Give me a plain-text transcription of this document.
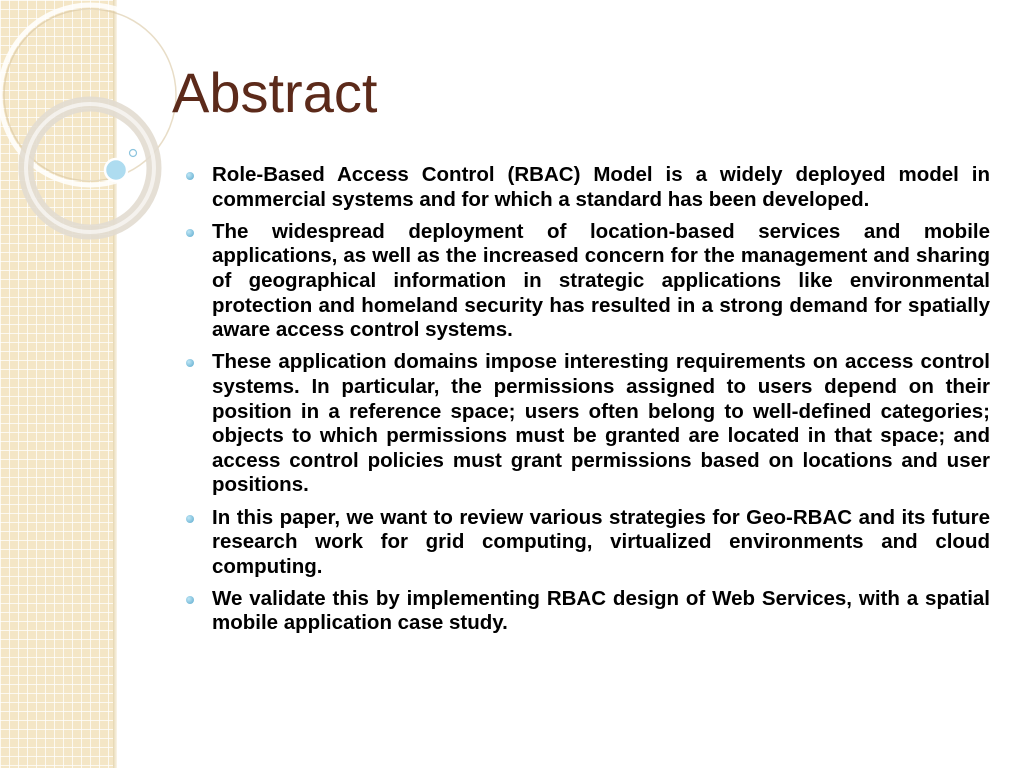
Abstract
Role-Based Access Control (RBAC) Model is a widely deployed model in commercial systems and for which a standard has been developed.
The widespread deployment of location-based services and mobile applications, as well as the increased concern for the management and sharing of geographical information in strategic applications like environmental protection and homeland security has resulted in a strong demand for spatially aware access control systems.
These application domains impose interesting requirements on access control systems. In particular, the permissions assigned to users depend on their position in a reference space; users often belong to well-defined categories; objects to which permissions must be granted are located in that space; and access control policies must grant permissions based on locations and user positions.
In this paper, we want to review various strategies for Geo-RBAC and its future research work for grid computing, virtualized environments and cloud computing.
We validate this by implementing RBAC design of Web Services, with a spatial mobile application case study.
